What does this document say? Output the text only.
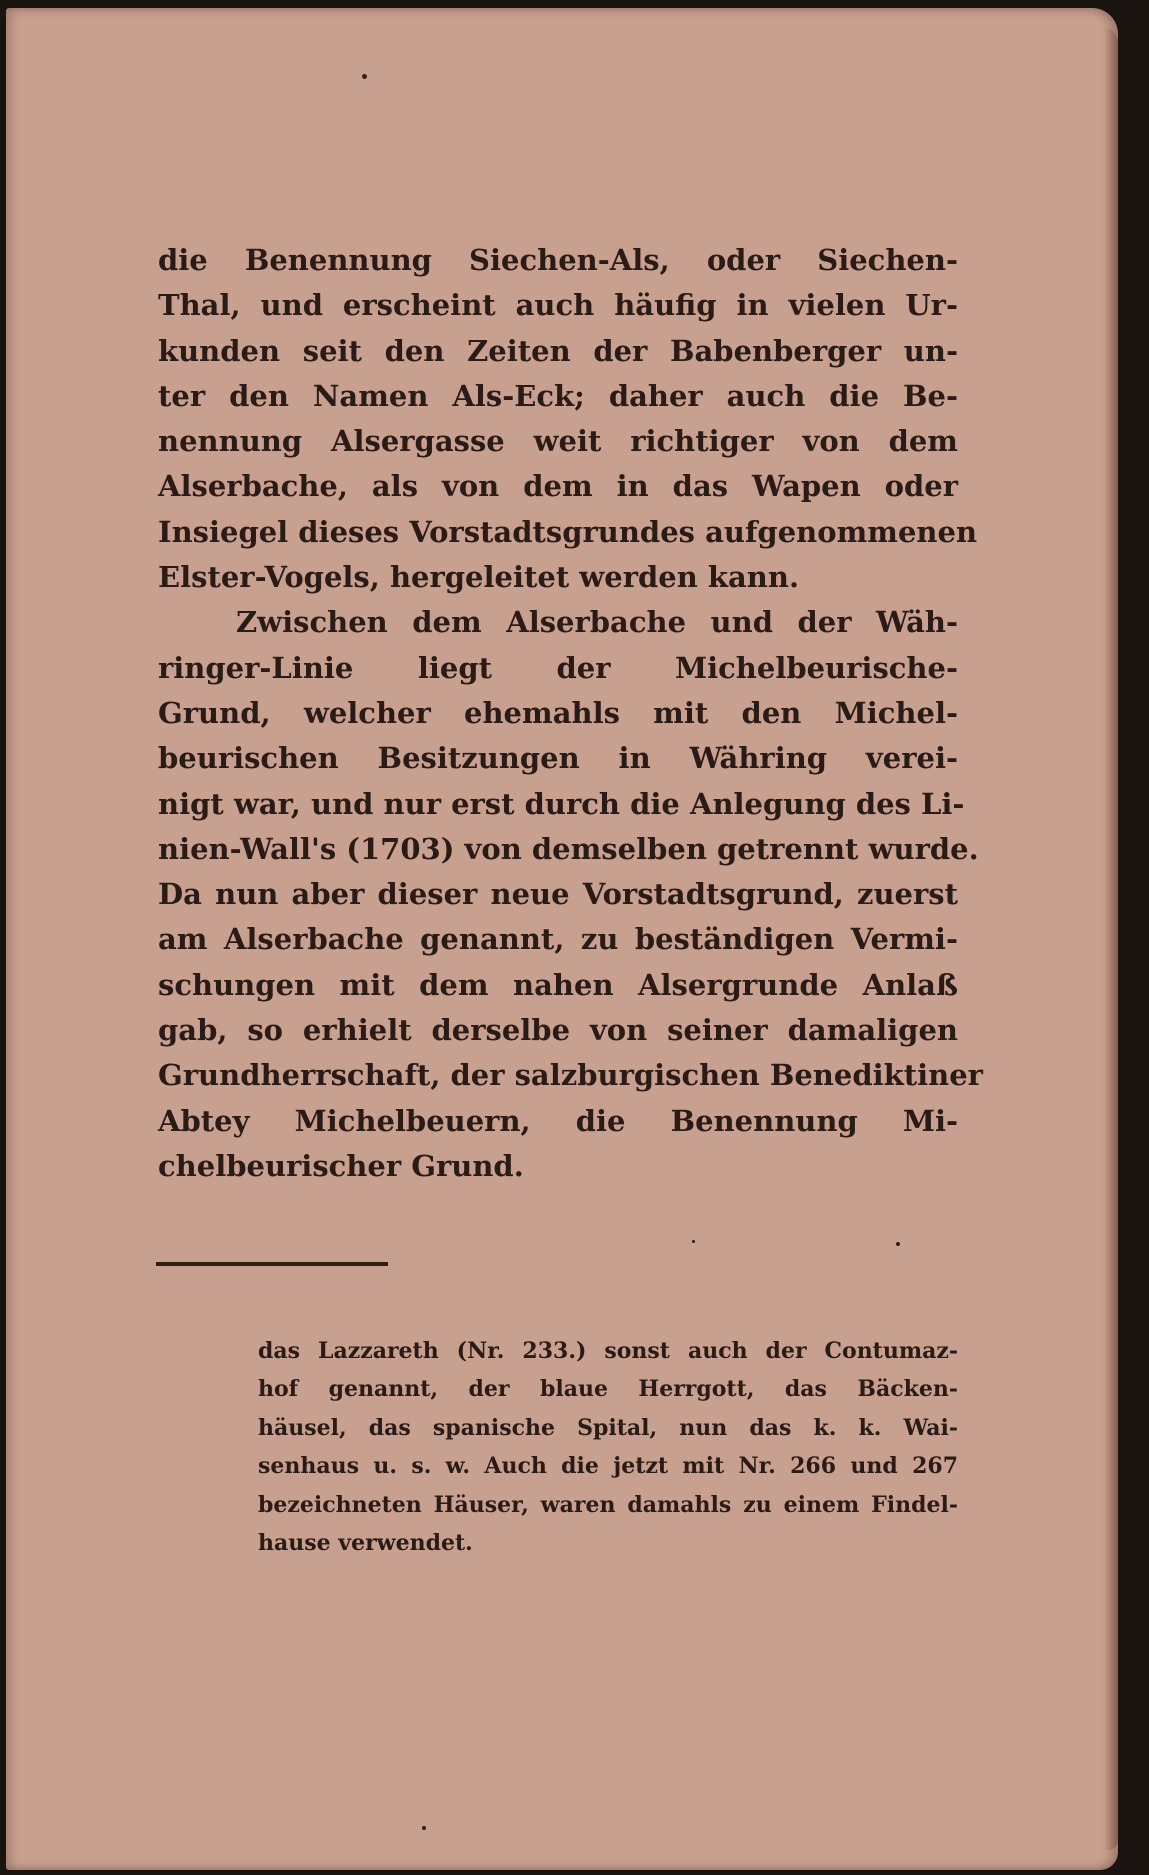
die Benennung Siechen-Als, oder Siechen-
Thal, und erscheint auch häufig in vielen Ur-
kunden seit den Zeiten der Babenberger un-
ter den Namen Als-Eck; daher auch die Be-
nennung Alsergasse weit richtiger von dem
Alserbache, als von dem in das Wapen oder
Insiegel dieses Vorstadtsgrundes aufgenommenen
Elster-Vogels, hergeleitet werden kann.
Zwischen dem Alserbache und der Wäh-
ringer-Linie liegt der Michelbeurische-
Grund, welcher ehemahls mit den Michel-
beurischen Besitzungen in Währing verei-
nigt war, und nur erst durch die Anlegung des Li-
nien-Wall's (1703) von demselben getrennt wurde.
Da nun aber dieser neue Vorstadtsgrund, zuerst
am Alserbache genannt, zu beständigen Vermi-
schungen mit dem nahen Alsergrunde Anlaß
gab, so erhielt derselbe von seiner damaligen
Grundherrschaft, der salzburgischen Benediktiner
Abtey Michelbeuern, die Benennung Mi-
chelbeurischer Grund.
das Lazzareth (Nr. 233.) sonst auch der Contumaz-
hof genannt, der blaue Herrgott, das Bäcken-
häusel, das spanische Spital, nun das k. k. Wai-
senhaus u. s. w. Auch die jetzt mit Nr. 266 und 267
bezeichneten Häuser, waren damahls zu einem Findel-
hause verwendet.
